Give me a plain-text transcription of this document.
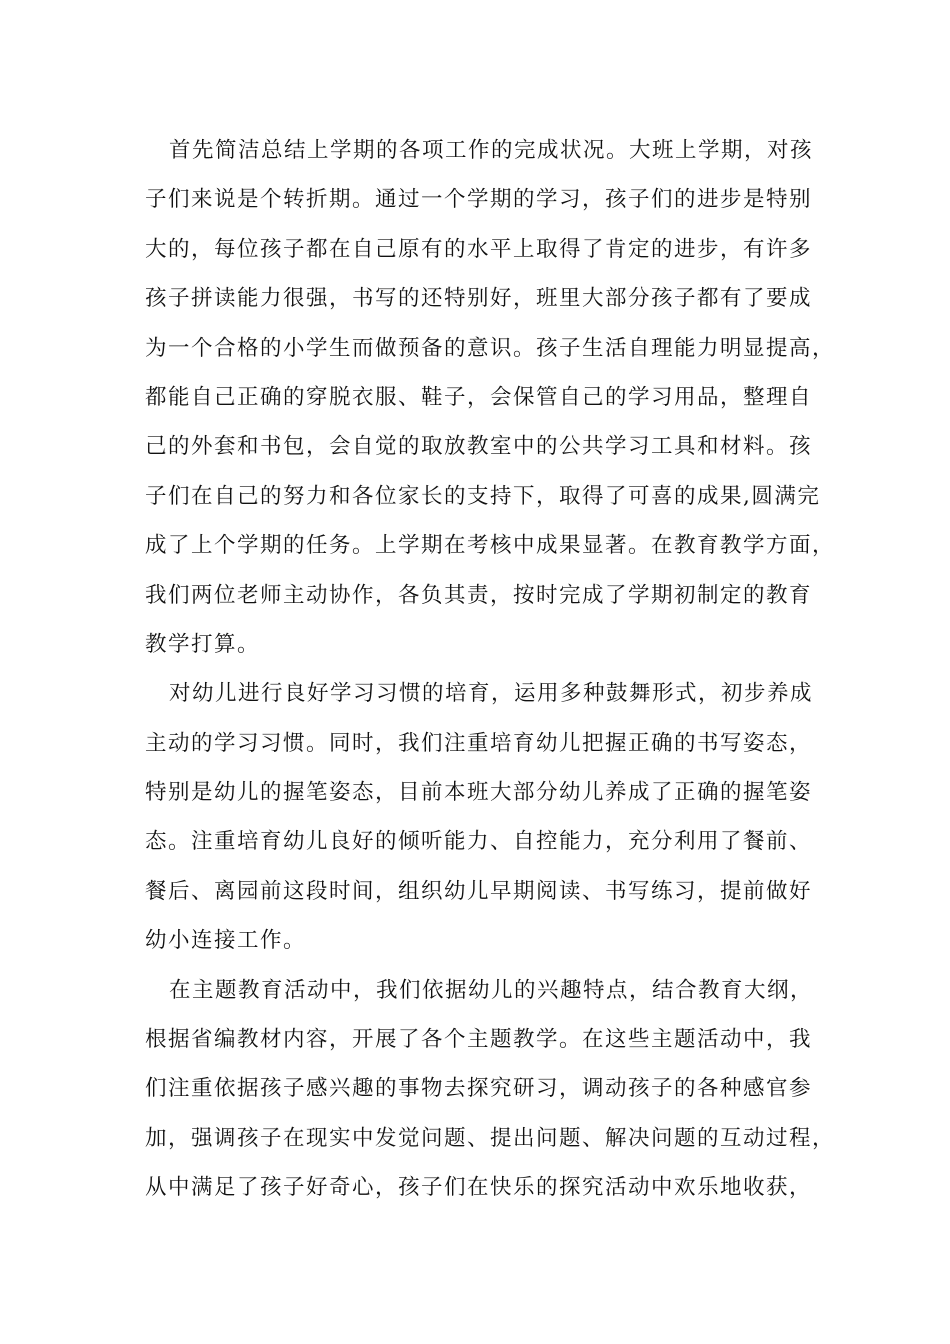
首先简洁总结上学期的各项工作的完成状况。大班上学期，对孩
子们来说是个转折期。通过一个学期的学习，孩子们的进步是特别
大的，每位孩子都在自己原有的水平上取得了肯定的进步，有许多
孩子拼读能力很强，书写的还特别好，班里大部分孩子都有了要成
为一个合格的小学生而做预备的意识。孩子生活自理能力明显提高，
都能自己正确的穿脱衣服、鞋子，会保管自己的学习用品，整理自
己的外套和书包，会自觉的取放教室中的公共学习工具和材料。孩
子们在自己的努力和各位家长的支持下，取得了可喜的成果,圆满完
成了上个学期的任务。上学期在考核中成果显著。在教育教学方面，
我们两位老师主动协作，各负其责，按时完成了学期初制定的教育
教学打算。
对幼儿进行良好学习习惯的培育，运用多种鼓舞形式，初步养成
主动的学习习惯。同时，我们注重培育幼儿把握正确的书写姿态，
特别是幼儿的握笔姿态，目前本班大部分幼儿养成了正确的握笔姿
态。注重培育幼儿良好的倾听能力、自控能力，充分利用了餐前、
餐后、离园前这段时间，组织幼儿早期阅读、书写练习，提前做好
幼小连接工作。
在主题教育活动中，我们依据幼儿的兴趣特点，结合教育大纲，
根据省编教材内容，开展了各个主题教学。在这些主题活动中，我
们注重依据孩子感兴趣的事物去探究研习，调动孩子的各种感官参
加，强调孩子在现实中发觉问题、提出问题、解决问题的互动过程，
从中满足了孩子好奇心，孩子们在快乐的探究活动中欢乐地收获，
